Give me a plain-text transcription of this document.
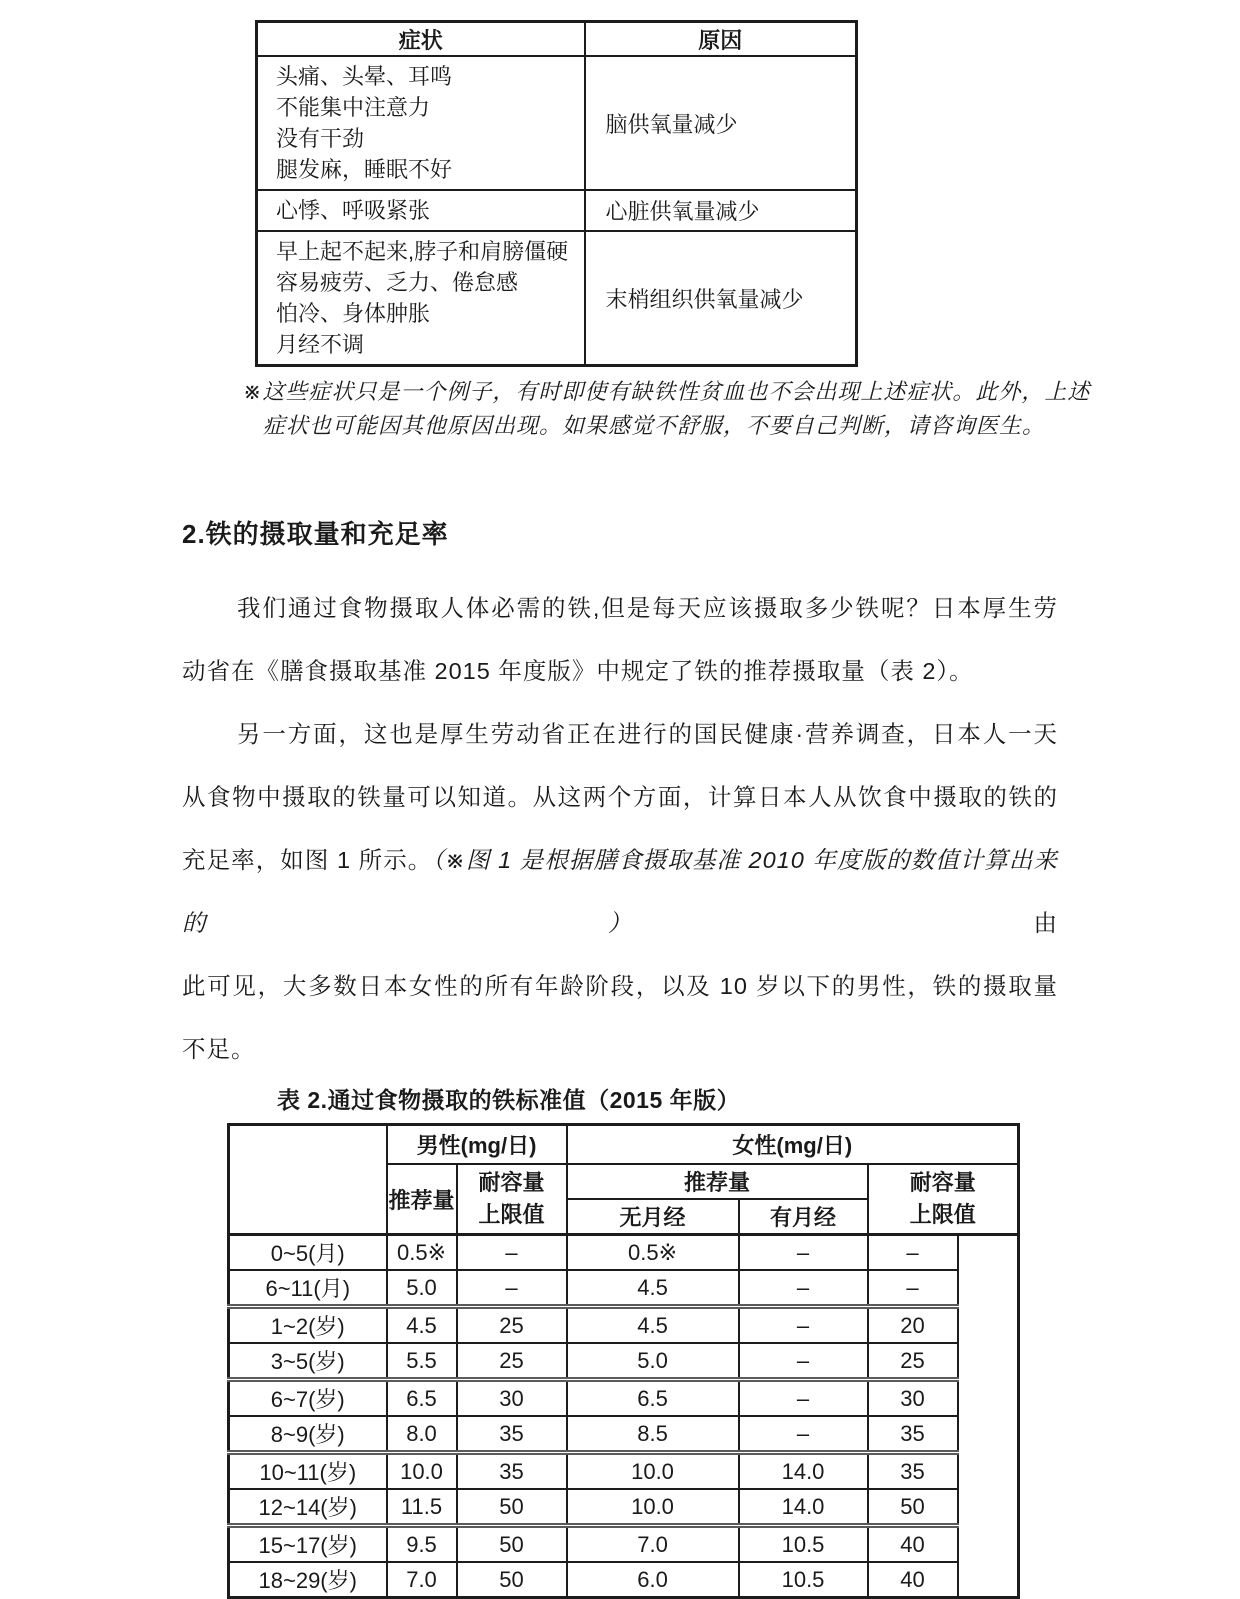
症状	原因

头痛、头晕、耳鸣
不能集中注意力
没有干劲
腿发麻，睡眠不好	脑供氧量减少

心悸、呼吸紧张	心脏供氧量减少

早上起不起来,脖子和肩膀僵硬
容易疲劳、乏力、倦怠感
怕冷、身体肿胀
月经不调	末梢组织供氧量减少
※这些症状只是一个例子，有时即使有缺铁性贫血也不会出现上述症状。此外，上述
症状也可能因其他原因出现。如果感觉不舒服，不要自己判断，请咨询医生。
2.铁的摄取量和充足率
我们通过食物摄取人体必需的铁,但是每天应该摄取多少铁呢？日本厚生劳
动省在《膳食摄取基准 2015 年度版》中规定了铁的推荐摄取量（表 2）。
另一方面，这也是厚生劳动省正在进行的国民健康·营养调查，日本人一天
从食物中摄取的铁量可以知道。从这两个方面，计算日本人从饮食中摄取的铁的
充足率，如图 1 所示。（※图 1 是根据膳食摄取基准 2010 年度版的数值计算出来的）由
此可见，大多数日本女性的所有年龄阶段，以及 10 岁以下的男性，铁的摄取量
不足。
表 2.通过食物摄取的铁标准值（2015 年版）
	男性(mg/日)		女性(mg/日)			
推荐量	
耐容量
上限值
	推荐量	耐容量
上限值

			无月经	有月经		
0~5(月)	0.5※	–	0.5※	–	–	
6~11(月)	5.0	–	4.5	–	–	
1~2(岁)	4.5	25	4.5	–	20	
3~5(岁)	5.5	25	5.0	–	25	
6~7(岁)	6.5	30	6.5	–	30	
8~9(岁)	8.0	35	8.5	–	35	
10~11(岁)	10.0	35	10.0	14.0	35	
12~14(岁)	11.5	50	10.0	14.0	50	
15~17(岁)	9.5	50	7.0	10.5	40	
18~29(岁)	7.0	50	6.0	10.5	40	
